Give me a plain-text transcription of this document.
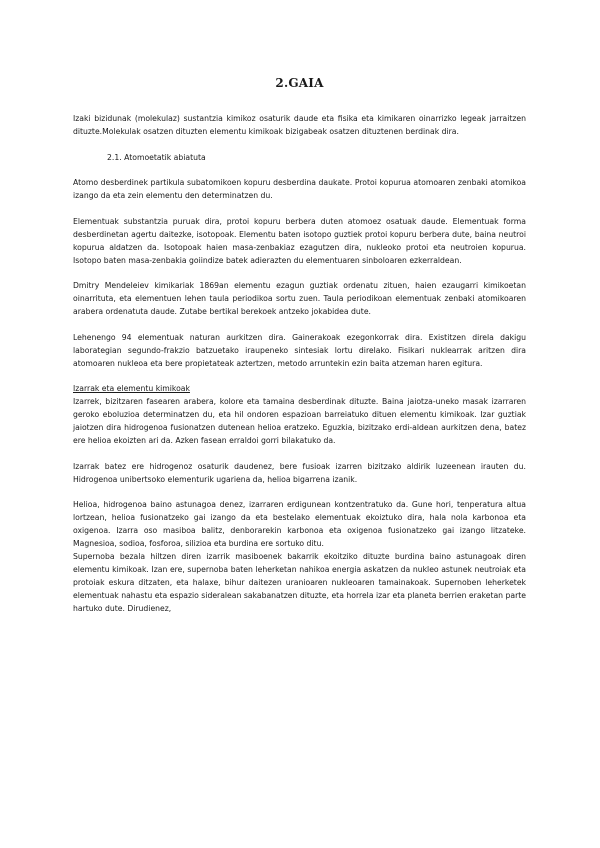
2.GAIA

Izaki bizidunak (molekulaz) sustantzia kimikoz osaturik daude eta fisika eta kimikaren oinarrizko legeak jarraitzen dituzte.Molekulak osatzen dituzten elementu kimikoak bizigabeak osatzen dituztenen berdinak dira.

2.1. Atomoetatik abiatuta

Atomo desberdinek partikula subatomikoen kopuru desberdina daukate. Protoi kopurua atomoaren zenbaki atomikoa izango da eta zein elementu den determinatzen du.

Elementuak substantzia puruak dira, protoi kopuru berbera duten atomoez osatuak daude. Elementuak forma desberdinetan agertu daitezke, isotopoak. Elementu baten isotopo guztiek protoi kopuru berbera dute, baina neutroi kopurua aldatzen da. Isotopoak haien masa-zenbakiaz ezagutzen dira, nukleoko protoi eta neutroien kopurua. Isotopo baten masa-zenbakia goiindize batek adierazten du elementuaren sinboloaren ezkerraldean.

Dmitry Mendeleiev kimikariak 1869an elementu ezagun guztiak ordenatu zituen, haien ezaugarri kimikoetan oinarrituta, eta elementuen lehen taula periodikoa sortu zuen. Taula periodikoan elementuak zenbaki atomikoaren arabera ordenatuta daude. Zutabe bertikal berekoek antzeko jokabidea dute.

Lehenengo 94 elementuak naturan aurkitzen dira. Gainerakoak ezegonkorrak dira. Existitzen direla dakigu laborategian segundo-frakzio batzuetako iraupeneko sintesiak lortu direlako. Fisikari nuklearrak aritzen dira atomoaren nukleoa eta bere propietateak aztertzen, metodo arruntekin ezin baita atzeman haren egitura.

Izarrak eta elementu kimikoak

Izarrek, bizitzaren fasearen arabera, kolore eta tamaina desberdinak dituzte. Baina jaiotza-uneko masak izarraren geroko eboluzioa determinatzen du, eta hil ondoren espazioan barreiatuko dituen elementu kimikoak. Izar guztiak jaiotzen dira hidrogenoa fusionatzen dutenean helioa eratzeko. Eguzkia, bizitzako erdi-aldean aurkitzen dena, batez ere helioa ekoizten ari da. Azken fasean erraldoi gorri bilakatuko da.

Izarrak batez ere hidrogenoz osaturik daudenez, bere fusioak izarren bizitzako aldirik luzeenean irauten du. Hidrogenoa unibertsoko elementurik ugariena da, helioa bigarrena izanik.

Helioa, hidrogenoa baino astunagoa denez, izarraren erdigunean kontzentratuko da. Gune hori, tenperatura altua lortzean, helioa fusionatzeko gai izango da eta bestelako elementuak ekoiztuko dira, hala nola karbonoa eta oxigenoa. Izarra oso masiboa balitz, denborarekin karbonoa eta oxigenoa fusionatzeko gai izango litzateke. Magnesioa, sodioa, fosforoa, silizioa eta burdina ere sortuko ditu.

Supernoba bezala hiltzen diren izarrik masiboenek bakarrik ekoitziko dituzte burdina baino astunagoak diren elementu kimikoak. Izan ere, supernoba baten leherketan nahikoa energia askatzen da nukleo astunek neutroiak eta protoiak eskura ditzaten, eta halaxe, bihur daitezen uranioaren nukleoaren tamainakoak. Supernoben leherketek elementuak nahastu eta espazio sideralean sakabanatzen dituzte, eta horrela izar eta planeta berrien eraketan parte hartuko dute. Dirudienez,
